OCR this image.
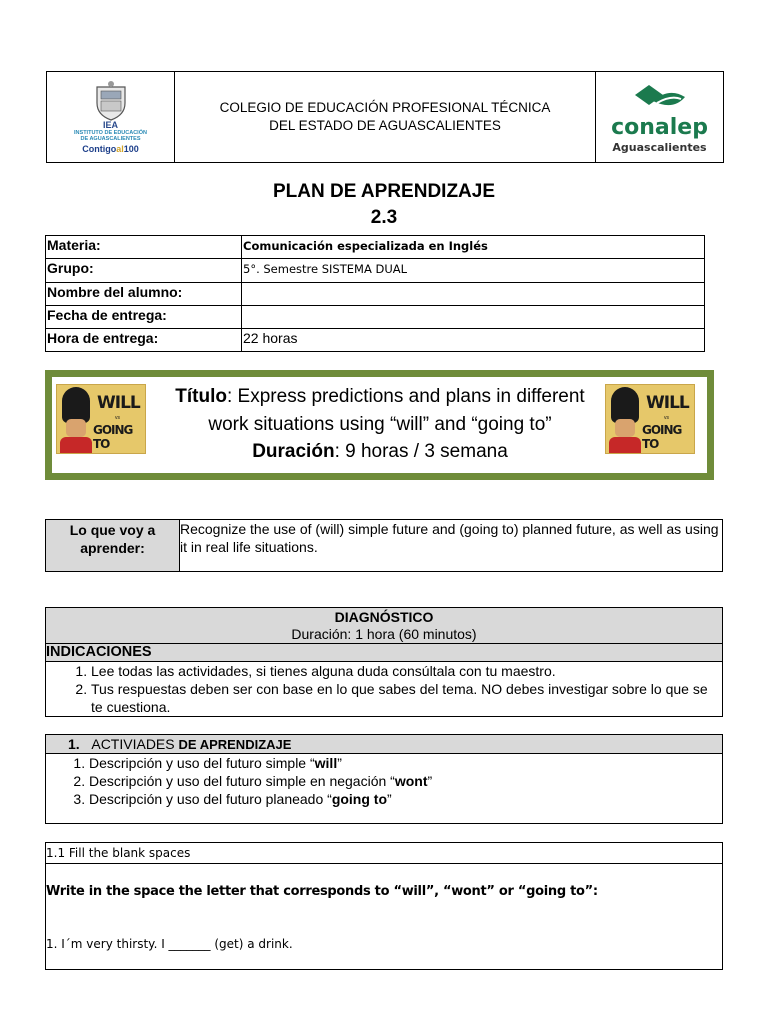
IEA
INSTITUTO DE EDUCACIÓN
DE AGUASCALIENTES
Contigoal100
COLEGIO DE EDUCACIÓN PROFESIONAL TÉCNICA
DEL ESTADO DE AGUASCALIENTES	conalep
Aguascalientes
PLAN DE APRENDIZAJE
2.3
Materia:	Comunicación especializada en Inglés
Grupo:	5°. Semestre SISTEMA DUAL
Nombre del alumno:	
Fecha de entrega:	
Hora de entrega:	22 horas
WILL
vs
GOING TO
Título: Express predictions and plans in different
work situations using “will” and “going to”
Duración: 9 horas / 3 semana
WILL
vs
GOING TO
Lo que voy a aprender:
Recognize the use of (will) simple future and (going to) planned future, as well as using it in real life situations.
DIAGNÓSTICO
Duración: 1 hora (60 minutos)
INDICACIONES
1. Lee todas las actividades, si tienes alguna duda consúltala con tu maestro.
2. Tus respuestas deben ser con base en lo que sabes del tema. NO debes investigar sobre lo que se te cuestiona.
1. ACTIVIADES DE APRENDIZAJE
1. Descripción y uso del futuro simple “will”
2. Descripción y uso del futuro simple en negación “wont”
3. Descripción y uso del futuro planeado “going to”
1.1 Fill the blank spaces
Write in the space the letter that corresponds to “will”, “wont” or “going to”:
1. I´m very thirsty. I _______ (get) a drink.
